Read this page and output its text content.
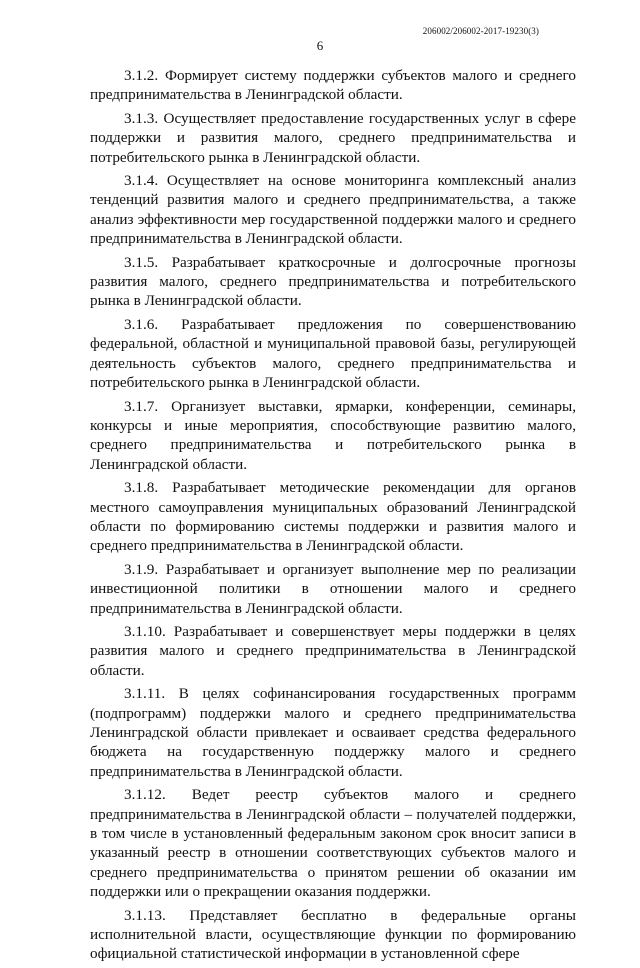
206002/206002-2017-19230(3)
6

3.1.2. Формирует систему поддержки субъектов малого и среднего предпринимательства в Ленинградской области.

3.1.3. Осуществляет предоставление государственных услуг в сфере поддержки и развития малого, среднего предпринимательства и потребительского рынка в Ленинградской области.

3.1.4. Осуществляет на основе мониторинга комплексный анализ тенденций развития малого и среднего предпринимательства, а также анализ эффективности мер государственной поддержки малого и среднего предпринимательства в Ленинградской области.

3.1.5. Разрабатывает краткосрочные и долгосрочные прогнозы развития малого, среднего предпринимательства и потребительского рынка в Ленинградской области.

3.1.6. Разрабатывает предложения по совершенствованию федеральной, областной и муниципальной правовой базы, регулирующей деятельность субъектов малого, среднего предпринимательства и потребительского рынка в Ленинградской области.

3.1.7. Организует выставки, ярмарки, конференции, семинары, конкурсы и иные мероприятия, способствующие развитию малого, среднего предпринимательства и потребительского рынка в Ленинградской области.

3.1.8. Разрабатывает методические рекомендации для органов местного самоуправления муниципальных образований Ленинградской области по формированию системы поддержки и развития малого и среднего предпринимательства в Ленинградской области.

3.1.9. Разрабатывает и организует выполнение мер по реализации инвестиционной политики в отношении малого и среднего предпринимательства в Ленинградской области.

3.1.10. Разрабатывает и совершенствует меры поддержки в целях развития малого и среднего предпринимательства в Ленинградской области.

3.1.11. В целях софинансирования государственных программ (подпрограмм) поддержки малого и среднего предпринимательства Ленинградской области привлекает и осваивает средства федерального бюджета на государственную поддержку малого и среднего предпринимательства в Ленинградской области.

3.1.12. Ведет реестр субъектов малого и среднего предпринимательства в Ленинградской области – получателей поддержки, в том числе в установленный федеральным законом срок вносит записи в указанный реестр в отношении соответствующих субъектов малого и среднего предпринимательства о принятом решении об оказании им поддержки или о прекращении оказания поддержки.

3.1.13. Представляет бесплатно в федеральные органы исполнительной власти, осуществляющие функции по формированию официальной статистической информации в установленной сфере
